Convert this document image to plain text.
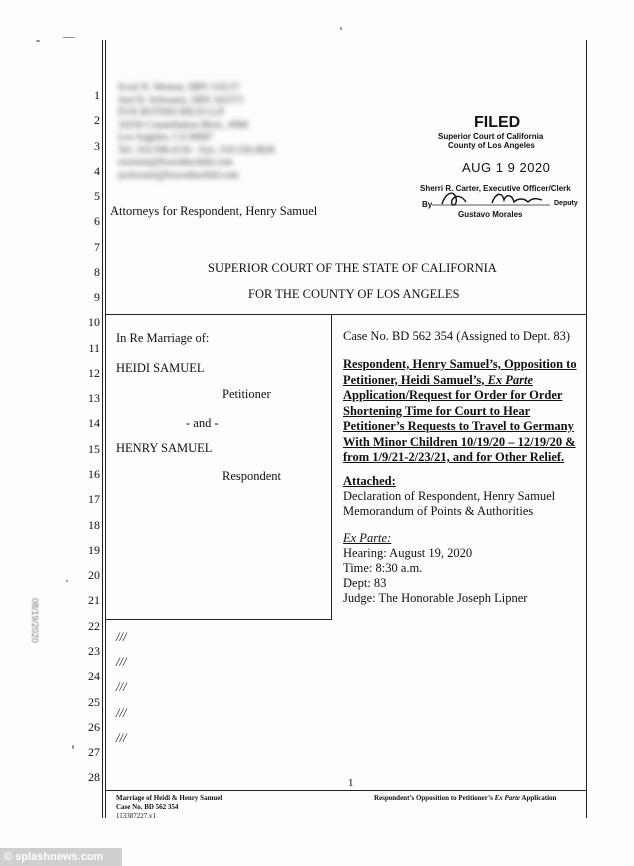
1
2
3
4
5
6
7
8
9
10
11
12
13
14
15
16
17
18
19
20
21
22
23
24
25
26
27
28
Scott N. Weston, SBN 116137
Joel D. Schwartz, SBN 162373
FOX ROTHSCHILD LLP
10250 Constellation Blvd., #900
Los Angeles, CA 90067
Tel: 310.598.4150 - Fax: 310.556.9828
sweston@foxrothschild.com
jschwartz@foxrothschild.com
Attorneys for Respondent, Henry Samuel
FILED
Superior Court of California
County of Los Angeles
AUG 1 9 2020
Sherri R. Carter, Executive Officer/Clerk
By	Deputy
Gustavo Morales
SUPERIOR COURT OF THE STATE OF CALIFORNIA
FOR THE COUNTY OF LOS ANGELES
In Re Marriage of:
HEIDI SAMUEL
Petitioner
- and -
HENRY SAMUEL
Respondent
Case No. BD 562 354 (Assigned to Dept. 83)
Respondent, Henry Samuel’s, Opposition to
Petitioner, Heidi Samuel’s, Ex Parte
Application/Request for Order for Order
Shortening Time for Court to Hear
Petitioner’s Requests to Travel to Germany
With Minor Children 10/19/20 – 12/19/20 &
from 1/9/21-2/23/21, and for Other Relief.
Attached:
Declaration of Respondent, Henry Samuel
Memorandum of Points & Authorities
Ex Parte:
Hearing: August 19, 2020
Time: 8:30 a.m.
Dept: 83
Judge: The Honorable Joseph Lipner
///
///
///
///
///
1
Marriage of Heidi & Henry Samuel
Case No. BD 562 354
113387227.v1
Respondent’s Opposition to Petitioner’s Ex Parte Application
08/19/2020
© splashnews.com
